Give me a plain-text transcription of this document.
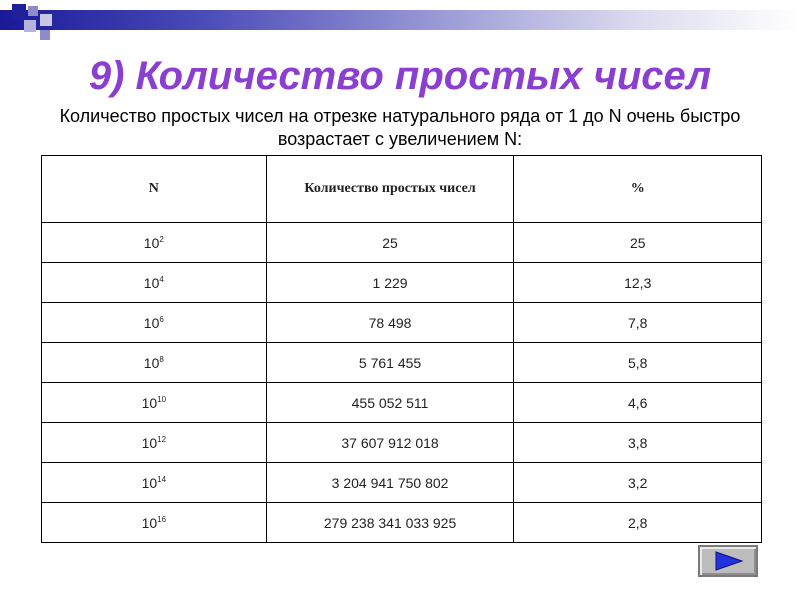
9) Количество простых чисел

Количество простых чисел на отрезке натурального ряда от 1 до N очень быстро возрастает с увеличением N:

N	Количество простых чисел	%
$10^2$	25	25
$10^4$	1 229	12,3
$10^6$	78 498	7,8
$10^8$	5 761 455	5,8
$10^{10}$	455 052 511	4,6
$10^{12}$	37 607 912 018	3,8
$10^{14}$	3 204 941 750 802	3,2
$10^{16}$	279 238 341 033 925	2,8
